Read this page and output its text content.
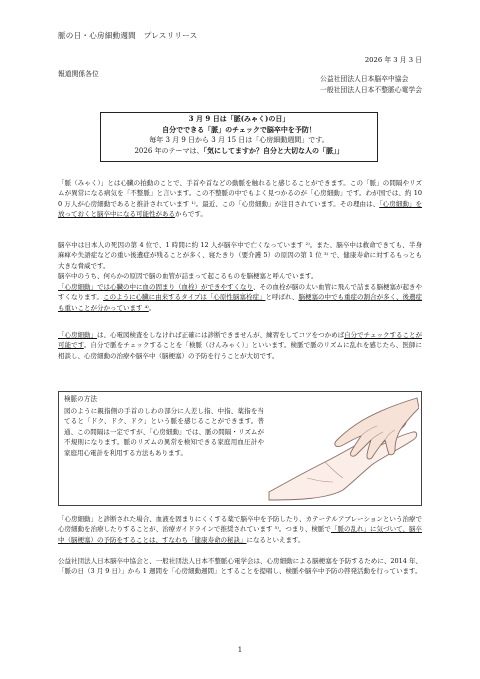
脈の日・心房細動週間　プレスリリース
2026 年 3 月 3 日
報道関係各位
公益社団法人日本脳卒中協会
一般社団法人日本不整脈心電学会
3 月 9 日は「脈(みゃく)の日」
自分でできる「脈」のチェックで脳卒中を予防！
毎年 3 月 9 日から 3 月 15 日は「心房細動週間」です。
2026 年のテーマは、「気にしてますか？自分と大切な人の「脈」」
「脈（みゃく）」とは心臓の拍動のことで、手首や首などの動脈を触れると感じることができます。この「脈」の間隔やリズムが異常になる病気を「不整脈」と言います。この不整脈の中でもよく見つかるのが「心房細動」です。わが国では、約 100 万人が心房細動であると推計されています ¹⁾。最近、この「心房細動」が注目されています。その理由は、「心房細動」を放っておくと脳卒中になる可能性があるからです。
脳卒中は日本人の死因の第 4 位で、1 時間に約 12 人が脳卒中で亡くなっています ²⁾。また、脳卒中は救命できても、半身麻痺や失語症などの重い後遺症が残ることが多く、寝たきり（要介護 5）の原因の第 1 位 ³⁾ で、健康寿命に対するもっとも大きな脅威です。
脳卒中のうち、何らかの原因で脳の血管が詰まって起こるものを脳梗塞と呼んでいます。
「心房細動」では心臓の中に血の固まり（血栓）ができやすくなり、その血栓が脳の太い血管に飛んで詰まる脳梗塞が起きやすくなります。このように心臓に由来するタイプは「心原性脳塞栓症」と呼ばれ、脳梗塞の中でも重症の割合が多く、後遺症も重いことが分かっています ⁴⁾。
「心房細動」は、心電図検査をしなければ正確には診断できませんが、練習をしてコツをつかめば自分でチェックすることが可能です。自分で脈をチェックすることを「検脈（けんみゃく）」といいます。検脈で脈のリズムに乱れを感じたら、医師に相談し、心房細動の治療や脳卒中（脳梗塞）の予防を行うことが大切です。
検脈の方法
図のように親指側の手首のしわの部分に人差し指、中指、薬指を当てると「ドク、ドク、ドク」という脈を感じることができます。普通、この間隔は一定ですが、「心房細動」では、脈の間隔・リズムが不規則になります。脈のリズムの異常を検知できる家庭用血圧計や家庭用心電計を利用する方法もあります。
「心房細動」と診断された場合、血液を固まりにくくする薬で脳卒中を予防したり、カテーテルアブレーションという治療で心房細動を治療したりすることが、治療ガイドラインで推奨されています ⁵⁾。つまり、検脈で「脈の乱れ」に気づいて、脳卒中（脳梗塞）の予防をすることは、すなわち「健康寿命の秘訣」になるといえます。
公益社団法人日本脳卒中協会と、一般社団法人日本不整脈心電学会は、心房細動による脳梗塞を予防するために、2014 年、「脈の日（3 月 9 日）」から 1 週間を「心房細動週間」とすることを提唱し、検脈や脳卒中予防の啓発活動を行っています。
1
